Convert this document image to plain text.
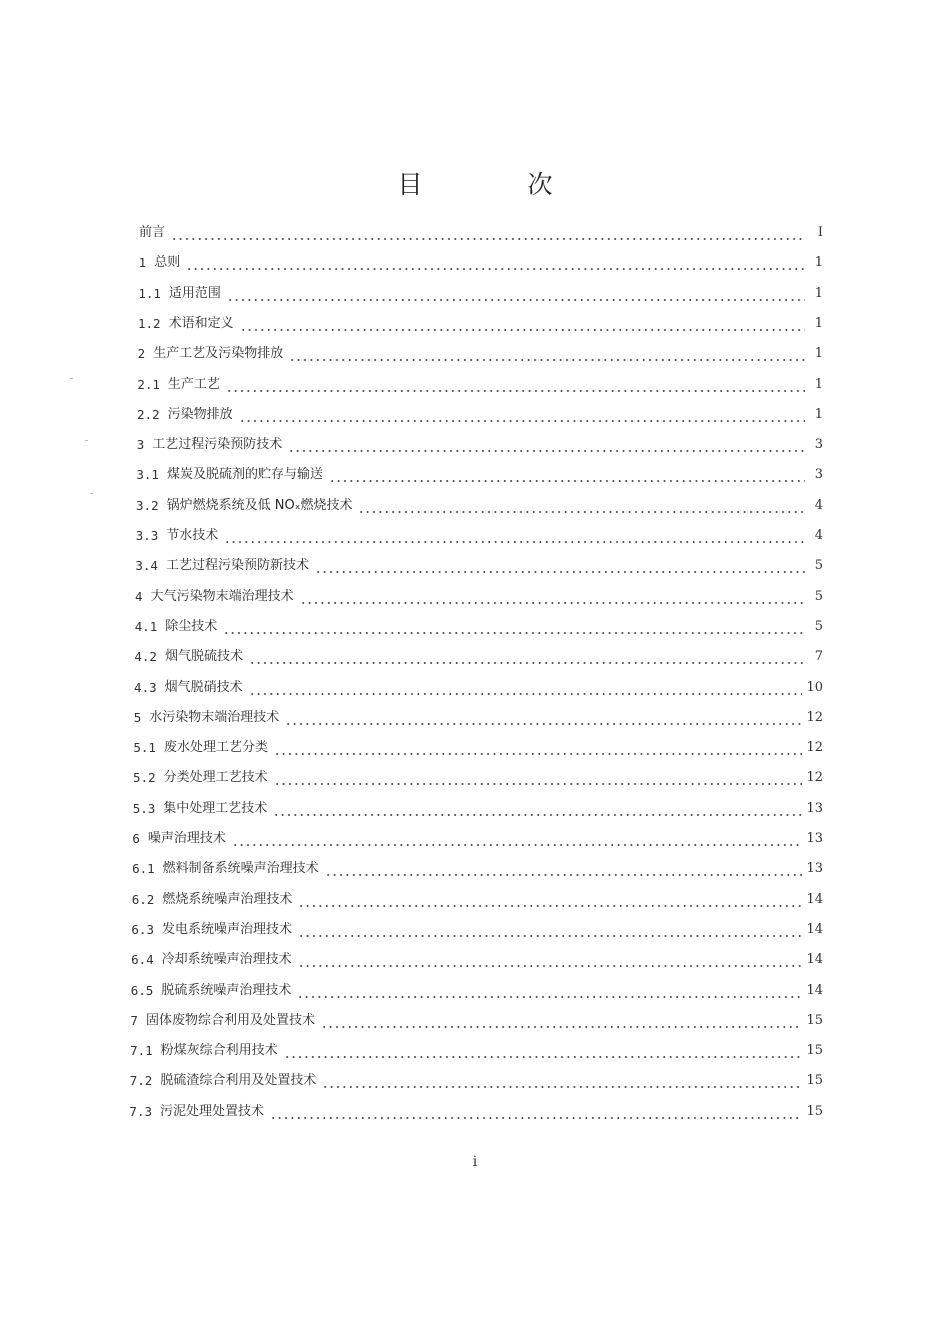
目　次
前言	I
1 总则	1
1.1 适用范围	1
1.2 术语和定义	1
2 生产工艺及污染物排放	1
2.1 生产工艺	1
2.2 污染物排放	1
3 工艺过程污染预防技术	3
3.1 煤炭及脱硫剂的贮存与输送	3
3.2 锅炉燃烧系统及低 NOₓ燃烧技术	4
3.3 节水技术	4
3.4 工艺过程污染预防新技术	5
4 大气污染物末端治理技术	5
4.1 除尘技术	5
4.2 烟气脱硫技术	7
4.3 烟气脱硝技术	10
5 水污染物末端治理技术	12
5.1 废水处理工艺分类	12
5.2 分类处理工艺技术	12
5.3 集中处理工艺技术	13
6 噪声治理技术	13
6.1 燃料制备系统噪声治理技术	13
6.2 燃烧系统噪声治理技术	14
6.3 发电系统噪声治理技术	14
6.4 冷却系统噪声治理技术	14
6.5 脱硫系统噪声治理技术	14
7 固体废物综合利用及处置技术	15
7.1 粉煤灰综合利用技术	15
7.2 脱硫渣综合利用及处置技术	15
7.3 污泥处理处置技术	15
i
